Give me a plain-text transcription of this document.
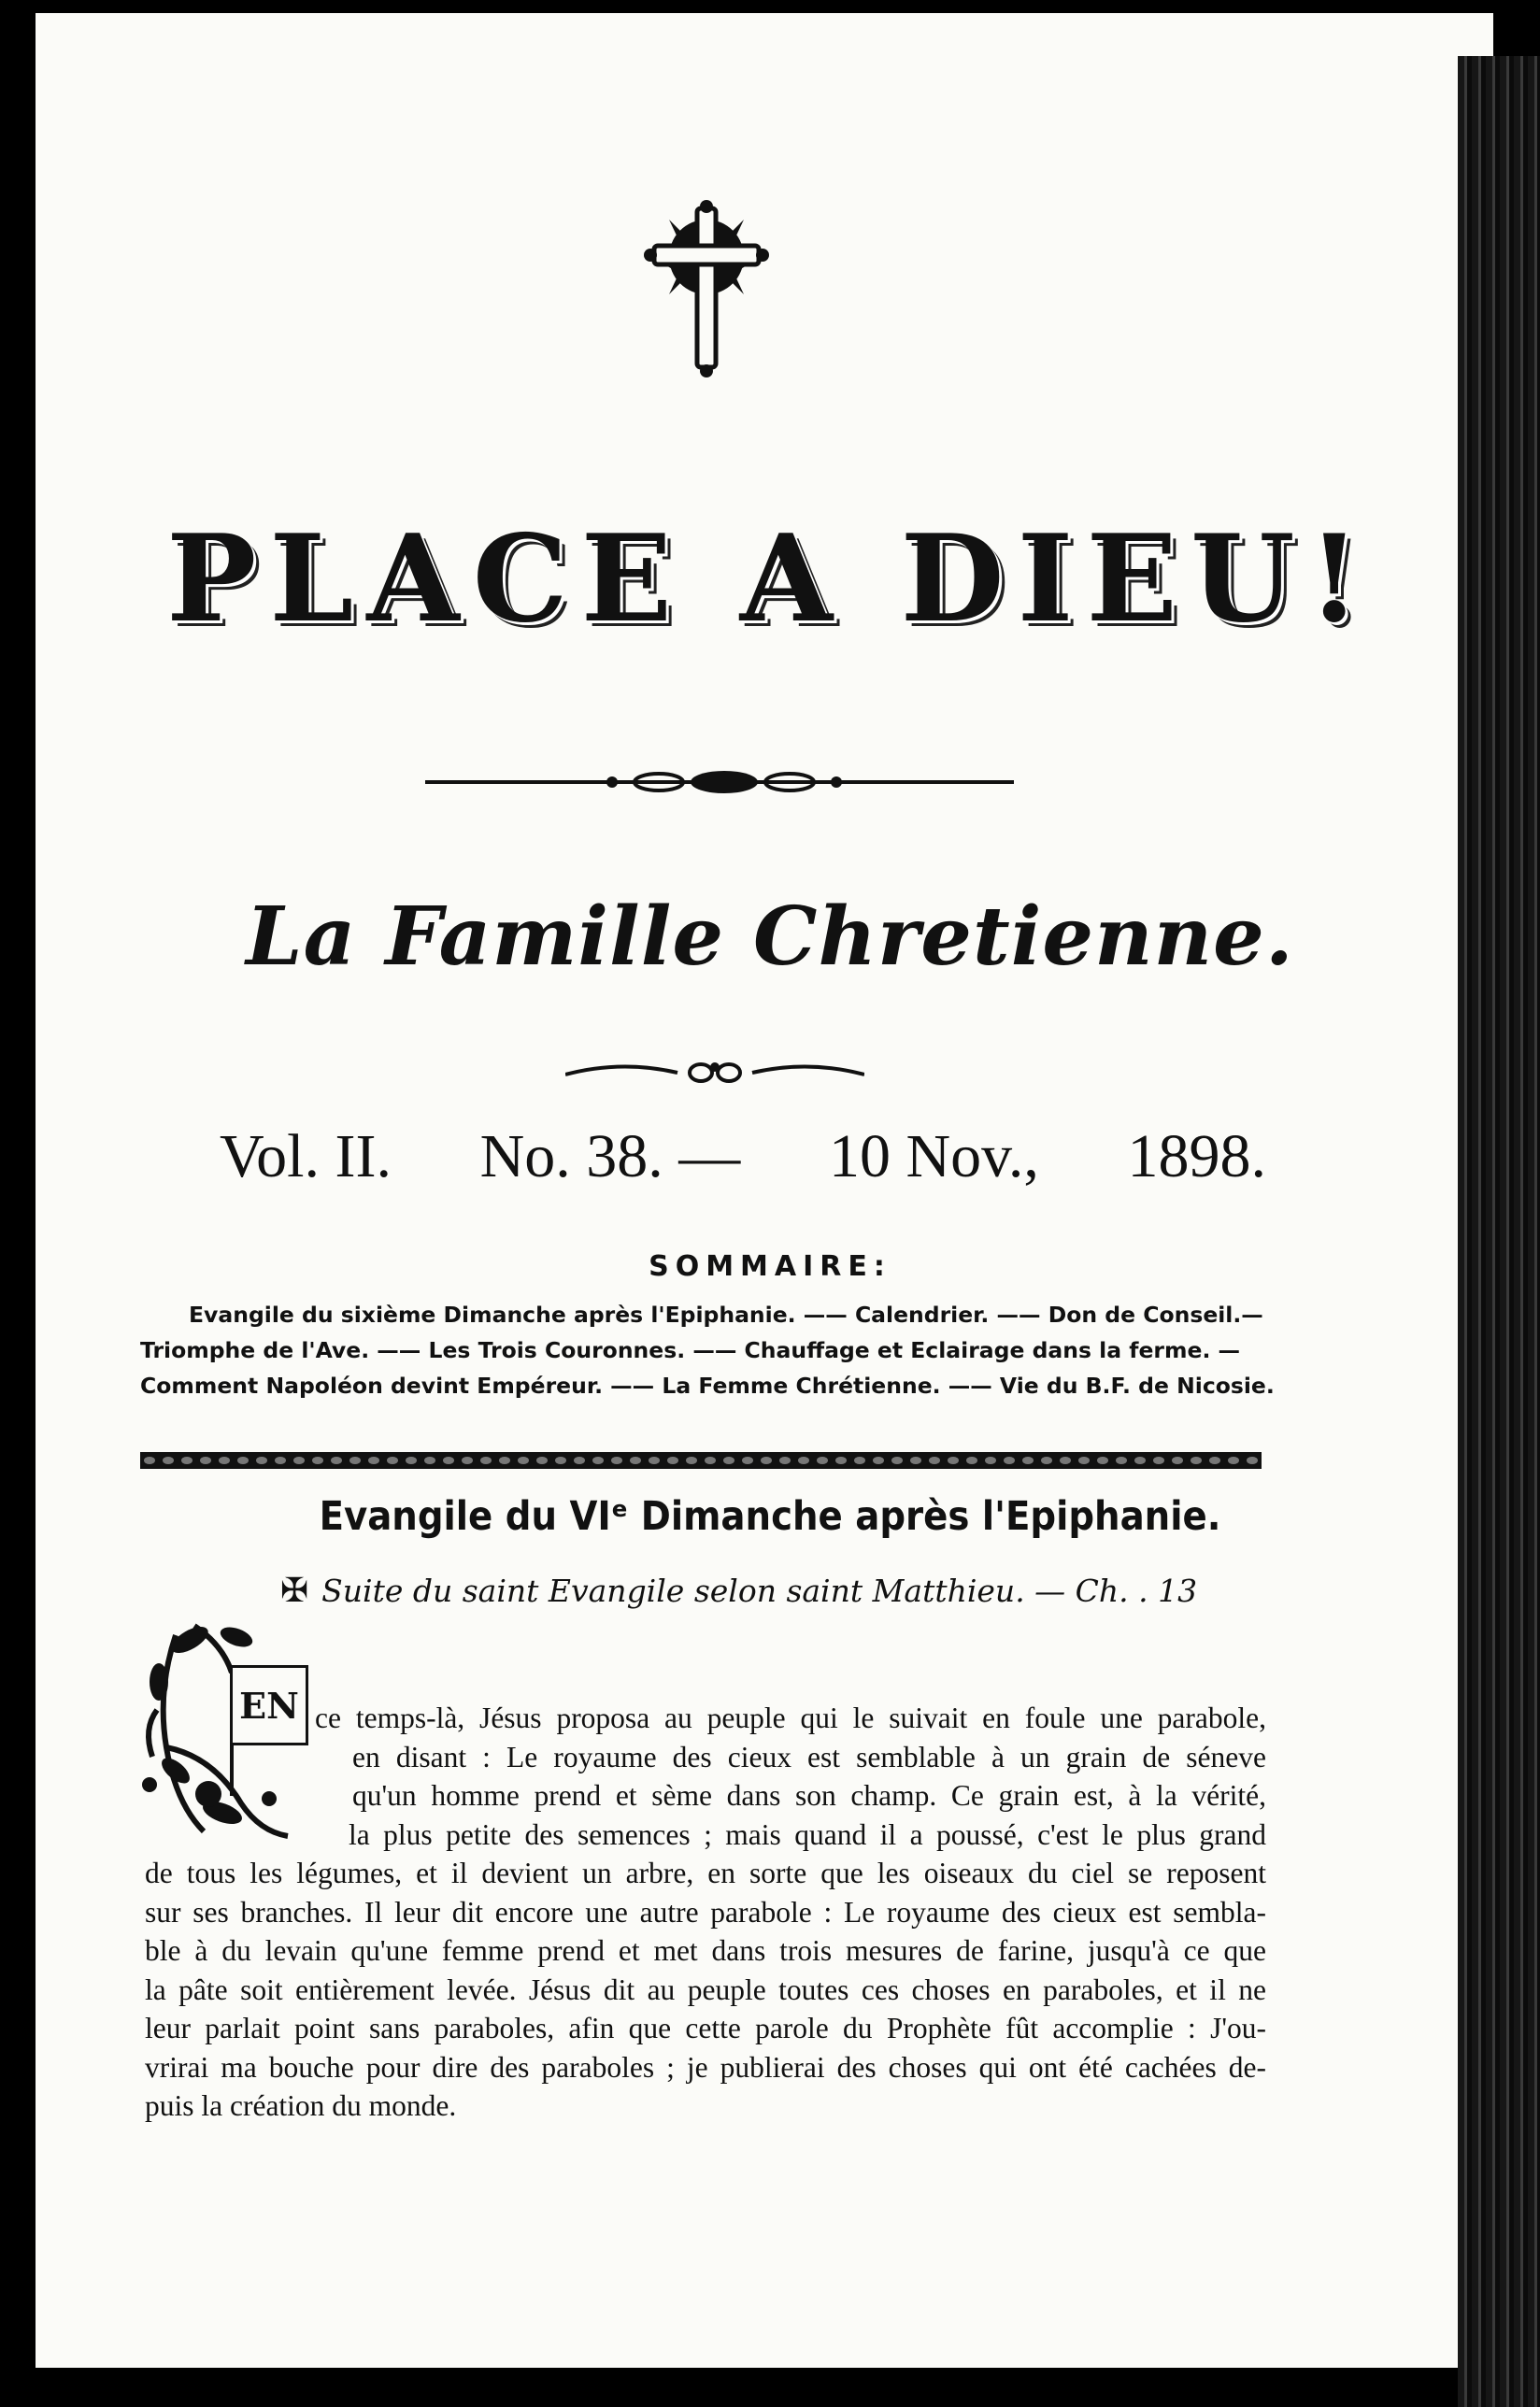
PLACE A DIEU!
La Famille Chretienne.
Vol. II. No. 38. — 10 Nov., 1898.
SOMMAIRE:
Evangile du sixième Dimanche après l'Epiphanie. —— Calendrier. —— Don de Conseil.—
Triomphe de l'Ave. —— Les Trois Couronnes. —— Chauffage et Eclairage dans la ferme. —
Comment Napoléon devint Empéreur. —— La Femme Chrétienne. —— Vie du B.F. de Nicosie.
Evangile du VIᵉ Dimanche après l'Epiphanie.
✠ Suite du saint Evangile selon saint Matthieu. — Ch. . 13
EN ce temps-là, Jésus proposa au peuple qui le suivait en foule une parabole,
en disant : Le royaume des cieux est semblable à un grain de séneve
qu'un homme prend et sème dans son champ. Ce grain est, à la vérité,
la plus petite des semences ; mais quand il a poussé, c'est le plus grand
de tous les légumes, et il devient un arbre, en sorte que les oiseaux du ciel se reposent
sur ses branches. Il leur dit encore une autre parabole : Le royaume des cieux est sembla-
ble à du levain qu'une femme prend et met dans trois mesures de farine, jusqu'à ce que
la pâte soit entièrement levée. Jésus dit au peuple toutes ces choses en paraboles, et il ne
leur parlait point sans paraboles, afin que cette parole du Prophète fût accomplie : J'ou-
vrirai ma bouche pour dire des paraboles ; je publierai des choses qui ont été cachées de-
puis la création du monde.
